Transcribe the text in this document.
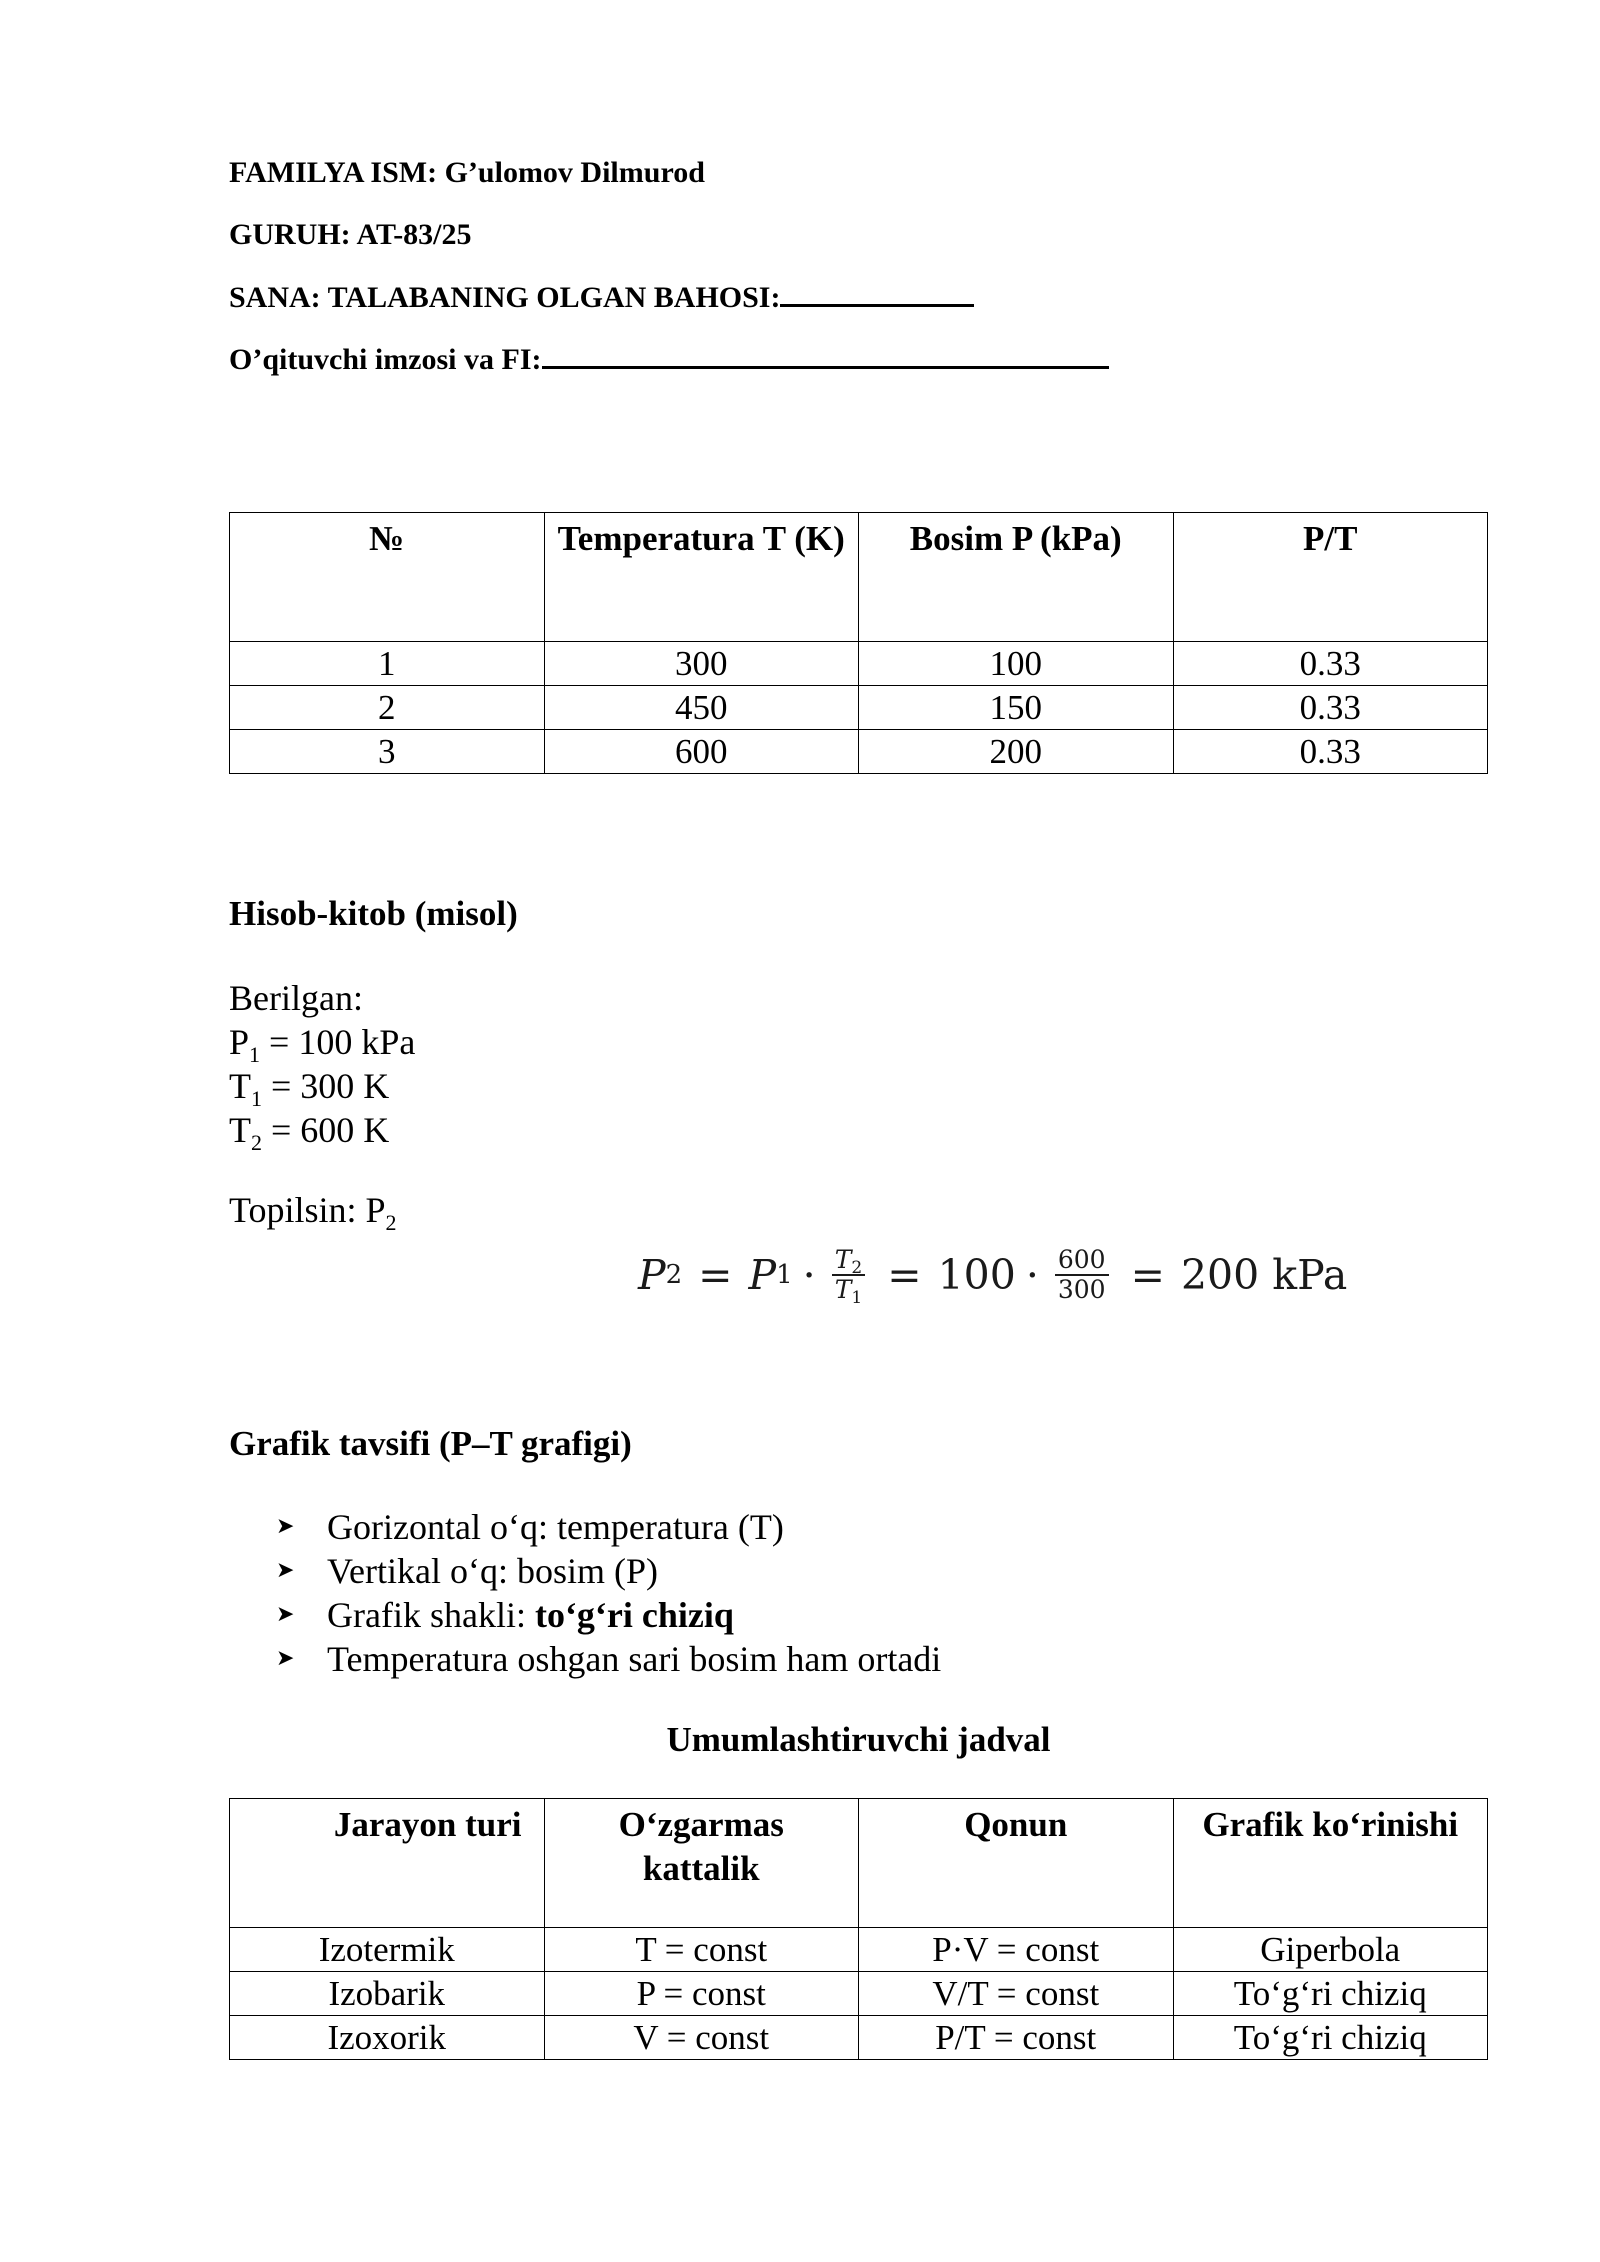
FAMILYA ISM: G’ulomov Dilmurod
GURUH: AT-83/25
SANA: TALABANING OLGAN BAHOSI:
O’qituvchi imzosi va FI:
№	Temperatura T (K)	Bosim P (kPa)	P/T
1	300	100	0.33
2	450	150	0.33
3	600	200	0.33
Hisob-kitob (misol)
Berilgan:
$P_1 = 100$ kPa
$T_1 = 300$ K
$T_2 = 600$ K
Topilsin: $P_2$
P 2 = P $1 \cdot \frac{T_2}{T_1} = 100 \cdot \frac{600}{300} = 200$ kPa
Grafik tavsifi (P–T grafigi)
➤ Gorizontal o‘q: temperatura (T)
➤ Vertikal o‘q: bosim (P)
➤ Grafik shakli: to‘g‘ri chiziq
➤ Temperatura oshgan sari bosim ham ortadi
Umumlashtiruvchi jadval
Jarayon turi	O‘zgarmas kattalik	Qonun	Grafik ko‘rinishi
Izotermik	T = const	P·V = const	Giperbola
Izobarik	P = const	V/T = const	To‘g‘ri chiziq
Izoxorik	V = const	P/T = const	To‘g‘ri chiziq
